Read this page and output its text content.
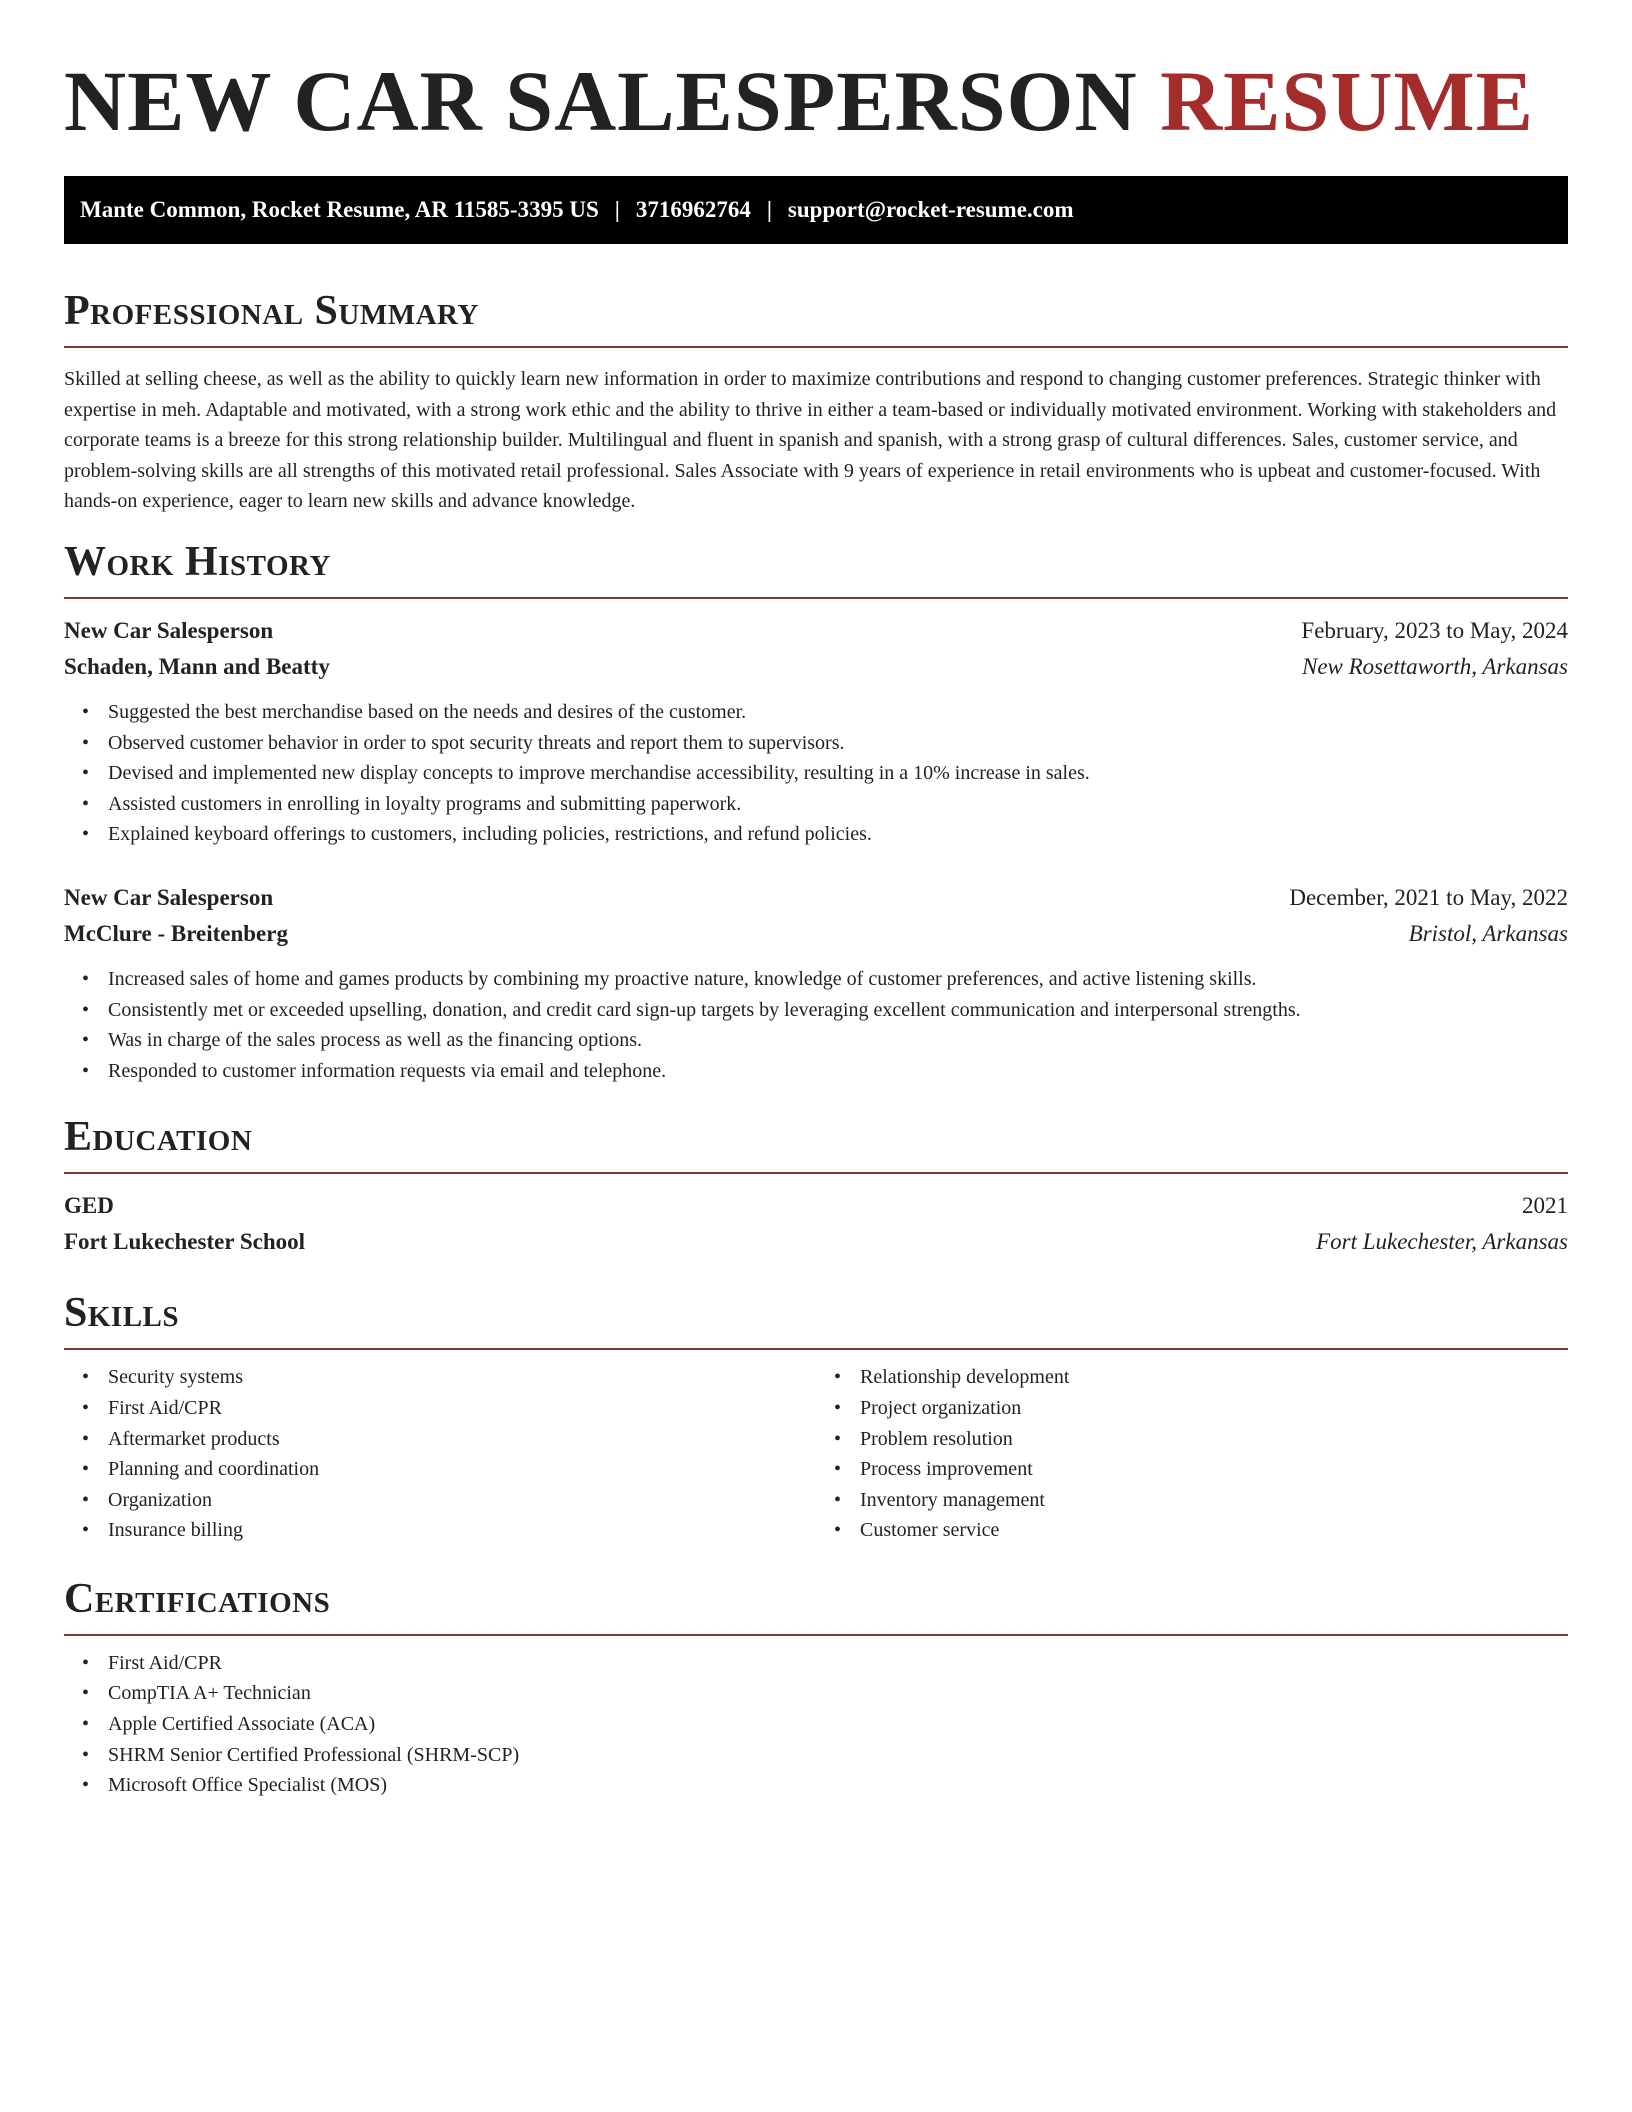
NEW CAR SALESPERSON RESUME
Mante Common, Rocket Resume, AR 11585-3395 US | 3716962764 | support@rocket-resume.com
Professional Summary

Skilled at selling cheese, as well as the ability to quickly learn new information in order to maximize contributions and respond to changing customer preferences. Strategic thinker with expertise in meh. Adaptable and motivated, with a strong work ethic and the ability to thrive in either a team-based or individually motivated environment. Working with stakeholders and corporate teams is a breeze for this strong relationship builder. Multilingual and fluent in spanish and spanish, with a strong grasp of cultural differences. Sales, customer service, and problem-solving skills are all strengths of this motivated retail professional. Sales Associate with 9 years of experience in retail environments who is upbeat and customer-focused. With hands-on experience, eager to learn new skills and advance knowledge.

Work History
New Car Salesperson	February, 2023 to May, 2024
Schaden, Mann and Beatty	New Rosettaworth, Arkansas
• Suggested the best merchandise based on the needs and desires of the customer.
• Observed customer behavior in order to spot security threats and report them to supervisors.
• Devised and implemented new display concepts to improve merchandise accessibility, resulting in a 10% increase in sales.
• Assisted customers in enrolling in loyalty programs and submitting paperwork.
• Explained keyboard offerings to customers, including policies, restrictions, and refund policies.
New Car Salesperson	December, 2021 to May, 2022
McClure - Breitenberg	Bristol, Arkansas
• Increased sales of home and games products by combining my proactive nature, knowledge of customer preferences, and active listening skills.
• Consistently met or exceeded upselling, donation, and credit card sign-up targets by leveraging excellent communication and interpersonal strengths.
• Was in charge of the sales process as well as the financing options.
• Responded to customer information requests via email and telephone.
Education
GED	2021
Fort Lukechester School	Fort Lukechester, Arkansas
Skills
• Security systems
• First Aid/CPR
• Aftermarket products
• Planning and coordination
• Organization
• Insurance billing
• Relationship development
• Project organization
• Problem resolution
• Process improvement
• Inventory management
• Customer service
Certifications
• First Aid/CPR
• CompTIA A+ Technician
• Apple Certified Associate (ACA)
• SHRM Senior Certified Professional (SHRM-SCP)
• Microsoft Office Specialist (MOS)
